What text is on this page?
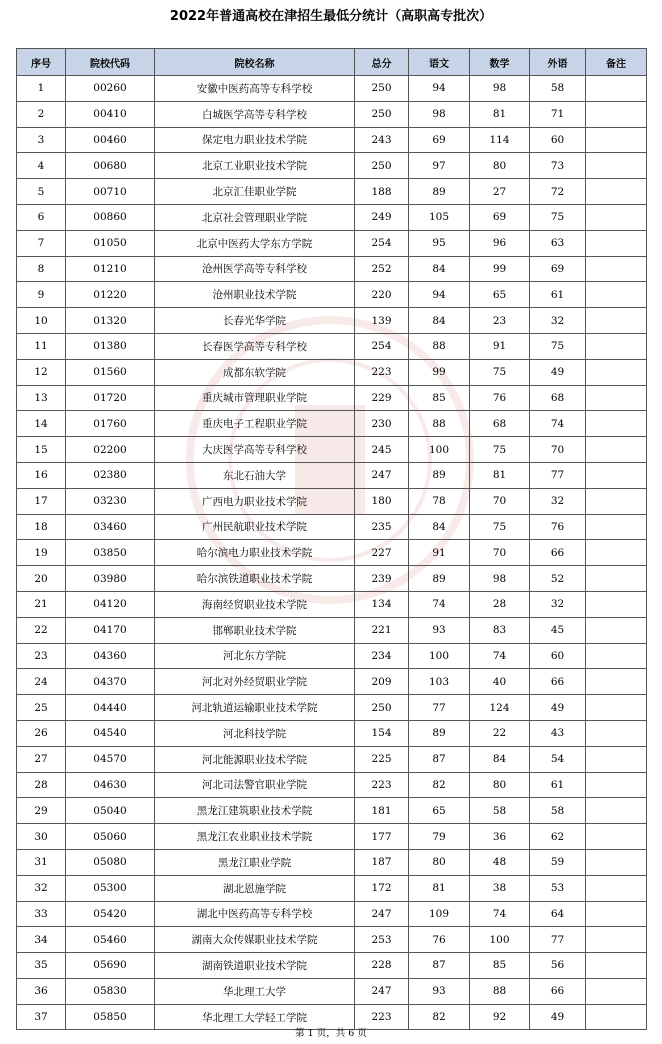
2022年普通高校在津招生最低分统计（高职高专批次）
序号	院校代码	院校名称	总分	语文	数学	外语	备注
1	00260	安徽中医药高等专科学校	250	94	98	58	
2	00410	白城医学高等专科学校	250	98	81	71	
3	00460	保定电力职业技术学院	243	69	114	60	
4	00680	北京工业职业技术学院	250	97	80	73	
5	00710	北京汇佳职业学院	188	89	27	72	
6	00860	北京社会管理职业学院	249	105	69	75	
7	01050	北京中医药大学东方学院	254	95	96	63	
8	01210	沧州医学高等专科学校	252	84	99	69	
9	01220	沧州职业技术学院	220	94	65	61	
10	01320	长春光华学院	139	84	23	32	
11	01380	长春医学高等专科学校	254	88	91	75	
12	01560	成都东软学院	223	99	75	49	
13	01720	重庆城市管理职业学院	229	85	76	68	
14	01760	重庆电子工程职业学院	230	88	68	74	
15	02200	大庆医学高等专科学校	245	100	75	70	
16	02380	东北石油大学	247	89	81	77	
17	03230	广西电力职业技术学院	180	78	70	32	
18	03460	广州民航职业技术学院	235	84	75	76	
19	03850	哈尔滨电力职业技术学院	227	91	70	66	
20	03980	哈尔滨铁道职业技术学院	239	89	98	52	
21	04120	海南经贸职业技术学院	134	74	28	32	
22	04170	邯郸职业技术学院	221	93	83	45	
23	04360	河北东方学院	234	100	74	60	
24	04370	河北对外经贸职业学院	209	103	40	66	
25	04440	河北轨道运输职业技术学院	250	77	124	49	
26	04540	河北科技学院	154	89	22	43	
27	04570	河北能源职业技术学院	225	87	84	54	
28	04630	河北司法警官职业学院	223	82	80	61	
29	05040	黑龙江建筑职业技术学院	181	65	58	58	
30	05060	黑龙江农业职业技术学院	177	79	36	62	
31	05080	黑龙江职业学院	187	80	48	59	
32	05300	湖北恩施学院	172	81	38	53	
33	05420	湖北中医药高等专科学校	247	109	74	64	
34	05460	湖南大众传媒职业技术学院	253	76	100	77	
35	05690	湖南铁道职业技术学院	228	87	85	56	
36	05830	华北理工大学	247	93	88	66	
37	05850	华北理工大学轻工学院	223	82	92	49	
第 1 页，共 6 页
